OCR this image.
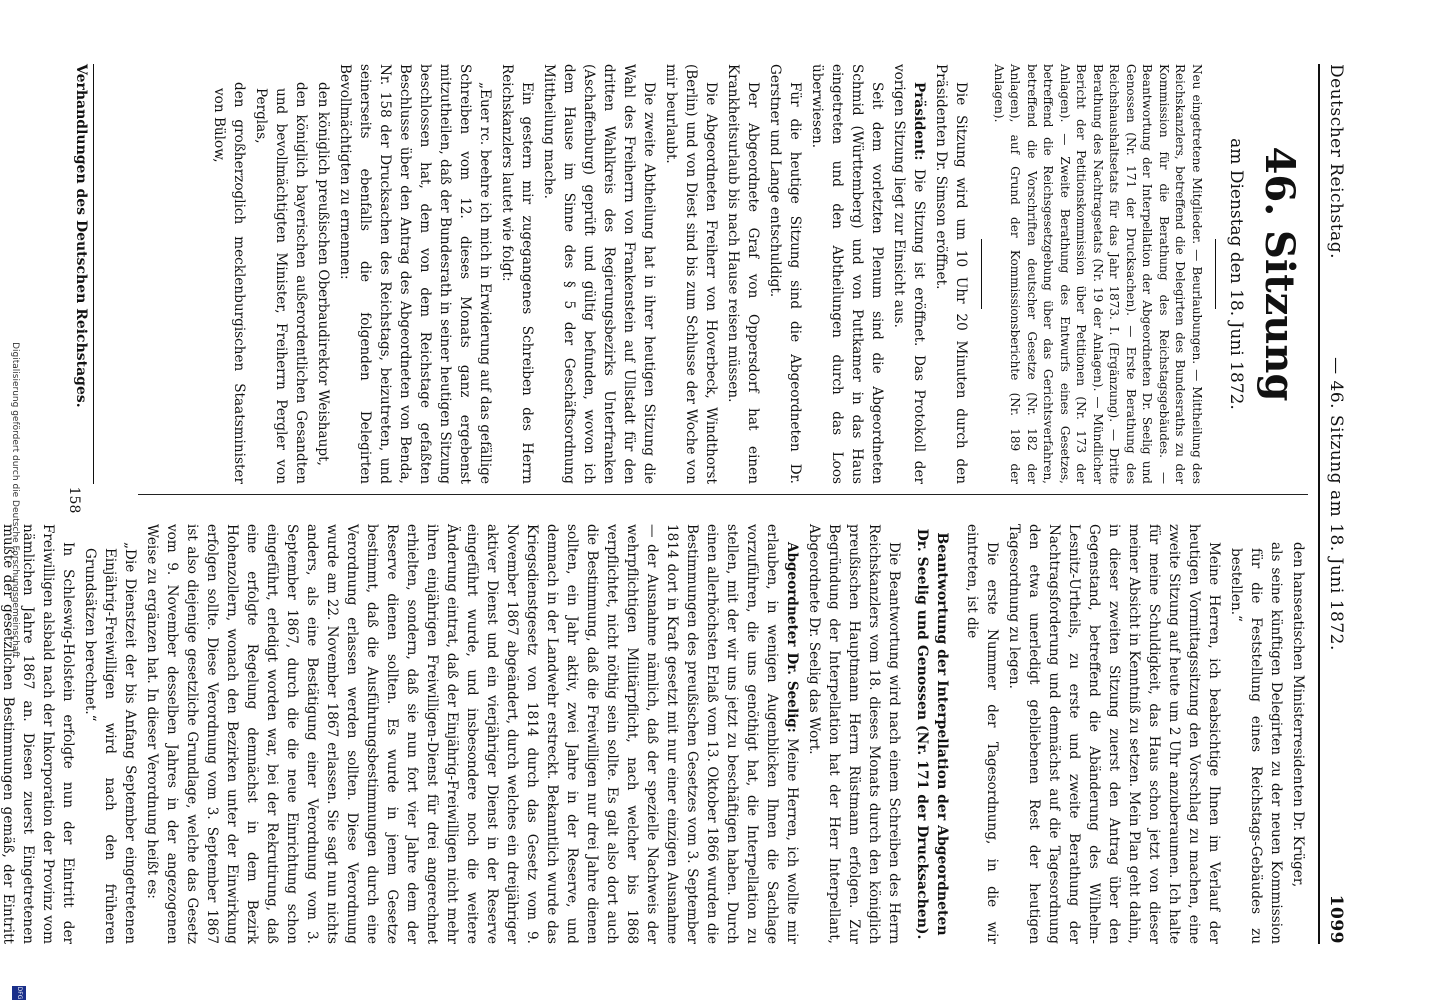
Deutscher Reichstag.
— 46. Sitzung am 18. Juni 1872.
1099
46. Sitzung
am Dienstag den 18. Juni 1872.

Neu eingetretene Mitglieder. — Beurlaubungen. — Mittheilung des Reichskanzlers, betreffend die Delegirten des Bundesraths zu der Kommission für die Berathung des Reichstagsgebäudes. — Beantwortung der Interpellation der Abgeordneten Dr. Seelig und Genossen (Nr. 171 der Drucksachen). — Erste Berathung des Reichshaushaltsetats für das Jahr 1873. I. (Ergänzung). — Dritte Berathung des Nachtragsetats (Nr. 19 der Anlagen). — Mündlicher Bericht der Petitionskommission über Petitionen (Nr. 173 der Anlagen). — Zweite Berathung des Entwurfs eines Gesetzes, betreffend die Reichsgesetzgebung über das Gerichtsverfahren, betreffend die Vorschriften deutscher Gesetze (Nr. 182 der Anlagen), auf Grund der Kommissionsberichte (Nr. 189 der Anlagen).

Die Sitzung wird um 10 Uhr 20 Minuten durch den Präsidenten Dr. Simson eröffnet.

Präsident: Die Sitzung ist eröffnet. Das Protokoll der vorigen Sitzung liegt zur Einsicht aus.

Seit dem vorletzten Plenum sind die Abgeordneten Schmid (Württemberg) und von Puttkamer in das Haus eingetreten und den Abtheilungen durch das Loos überwiesen.

Für die heutige Sitzung sind die Abgeordneten Dr. Gerstner und Lange entschuldigt.

Der Abgeordnete Graf von Oppersdorf hat einen Krankheitsurlaub bis nach Hause reisen müssen.

Die Abgeordneten Freiherr von Hoverbeck, Windthorst (Berlin) und von Diest sind bis zum Schlusse der Woche von mir beurlaubt.

Die zweite Abtheilung hat in ihrer heutigen Sitzung die Wahl des Freiherrn von Frankenstein auf Ullstadt für den dritten Wahlkreis des Regierungsbezirks Unterfranken (Aschaffenburg) geprüft und gültig befunden, wovon ich dem Hause im Sinne des § 5 der Geschäftsordnung Mittheilung mache.

Ein gestern mir zugegangenes Schreiben des Herrn Reichskanzlers lautet wie folgt:

„Euer rc. beehre ich mich in Erwiderung auf das gefällige Schreiben vom 12. dieses Monats ganz ergebenst mitzutheilen, daß der Bundesrath in seiner heutigen Sitzung beschlossen hat, dem von dem Reichstage gefaßten Beschlusse über den Antrag des Abgeordneten von Benda, Nr. 158 der Drucksachen des Reichstags, beizutreten, und seinerseits ebenfalls die folgenden Delegirten Bevollmächtigten zu ernennen:

den königlich preußischen Oberbaudirektor Weishaupt,

den königlich bayerischen außerordentlichen Gesandten und bevollmächtigten Minister, Freiherrn Pergler von Perglas,

den großherzoglich mecklenburgischen Staatsminister von Bülow,

den hanseatischen Ministerresidenten Dr. Krüger,

als seine künftigen Delegirten zu der neuen Kommission für die Feststellung eines Reichstags-Gebäudes zu bestellen.“

Meine Herren, ich beabsichtige Ihnen im Verlauf der heutigen Vormittagssitzung den Vorschlag zu machen, eine zweite Sitzung auf heute um 2 Uhr anzuberaumen. Ich halte für meine Schuldigkeit, das Haus schon jetzt von dieser meiner Absicht in Kenntniß zu setzen. Mein Plan geht dahin, in dieser zweiten Sitzung zuerst den Antrag über den Gegenstand, betreffend die Abänderung des Wilhelm-Lesnitz-Urtheils, zu erste und zweite Berathung der Nachtragsforderung und demnächst auf die Tagesordnung den etwa unerledigt gebliebenen Rest der heutigen Tagesordnung zu legen.

Die erste Nummer der Tagesordnung, in die wir eintreten, ist die

Beantwortung der Interpellation der Abgeordneten Dr. Seelig und Genossen (Nr. 171 der Drucksachen).

Die Beantwortung wird nach einem Schreiben des Herrn Reichskanzlers vom 18. dieses Monats durch den königlich preußischen Hauptmann Herrn Rüstmann erfolgen. Zur Begründung der Interpellation hat der Herr Interpellant, Abgeordnete Dr. Seelig das Wort.

Abgeordneter Dr. Seelig: Meine Herren, ich wollte mir erlauben, in wenigen Augenblicken Ihnen die Sachlage vorzuführen, die uns genöthigt hat, die Interpellation zu stellen, mit der wir uns jetzt zu beschäftigen haben. Durch einen allerhöchsten Erlaß vom 13. Oktober 1866 wurden die Bestimmungen des preußischen Gesetzes vom 3. September 1814 dort in Kraft gesetzt mit nur einer einzigen Ausnahme — der Ausnahme nämlich, daß der spezielle Nachweis der wehrpflichtigen Militärpflicht, nach welcher bis 1868 verpflichtet, nicht nöthig sein sollte. Es galt also dort auch die Bestimmung, daß die Freiwilligen nur drei Jahre dienen sollten, ein Jahr aktiv, zwei Jahre in der Reserve, und demnach in der Landwehr erstreckt. Bekanntlich wurde das Kriegsdienstgesetz von 1814 durch das Gesetz vom 9. November 1867 abgeändert, durch welches ein dreijähriger aktiver Dienst und ein vierjähriger Dienst in der Reserve eingeführt wurde, und insbesondere noch die weitere Änderung eintrat, daß der Einjährig-Freiwilligen nicht mehr ihren einjährigen Freiwilligen-Dienst für drei angerechnet erhielten, sondern, daß sie nun fort vier Jahre dem der Reserve dienen sollten. Es wurde in jenem Gesetze bestimmt, daß die Ausführungsbestimmungen durch eine Verordnung erlassen werden sollten. Diese Verordnung wurde am 22. November 1867 erlassen. Sie sagt nun nichts anders, als eine Bestätigung einer Verordnung vom 3. September 1867, durch die die neue Einrichtung schon eingeführt, erledigt worden war, bei der Rekrutirung, daß eine erfolgte Regelung demnächst in dem Bezirk Hohenzollern, wonach den Bezirken unter der Einwirkung erfolgen sollte. Diese Verordnung vom 3. September 1867 ist also diejenige gesetzliche Grundlage, welche das Gesetz vom 9. November desselben Jahres in der angezogenen Weise zu ergänzen hat. In dieser Verordnung heißt es:

„Die Dienstzeit der bis Anfang September eingetretenen Einjährig-Freiwilligen wird nach den früheren Grundsätzen berechnet.“

In Schleswig-Holstein erfolgte nun der Eintritt der Freiwilligen alsbald nach der Inkorporation der Provinz vom nämlichen Jahre 1867 an. Diesen zuerst Eingetretenen mußte der gesetzlichen Bestimmungen gemäß, der Eintritt

Verhandlungen des Deutschen Reichstages.
158
Digitalisierung gefördert durch die Deutsche Forschungsgemeinschaft
DFG
